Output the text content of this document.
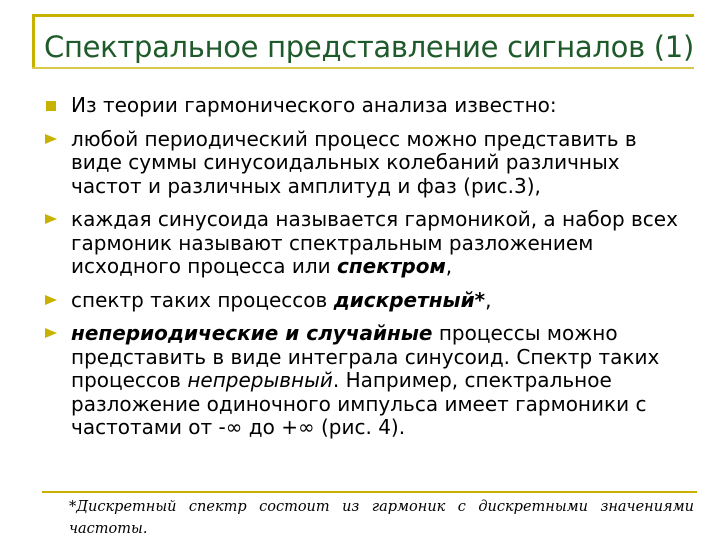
Спектральное представление сигналов (1)
Из теории гармонического анализа известно:
любой периодический процесс можно представить в виде суммы синусоидальных колебаний различных частот и различных амплитуд и фаз (рис.3),
каждая синусоида называется гармоникой, а набор всех гармоник называют спектральным разложением исходного процесса или спектром,
спектр таких процессов дискретный*,
непериодические и случайные процессы можно представить в виде интеграла синусоид. Спектр таких процессов непрерывный. Например, спектральное разложение одиночного импульса имеет гармоники с частотами от -∞ до +∞ (рис. 4).
*Дискретный спектр состоит из гармоник с дискретными значениями частоты.
